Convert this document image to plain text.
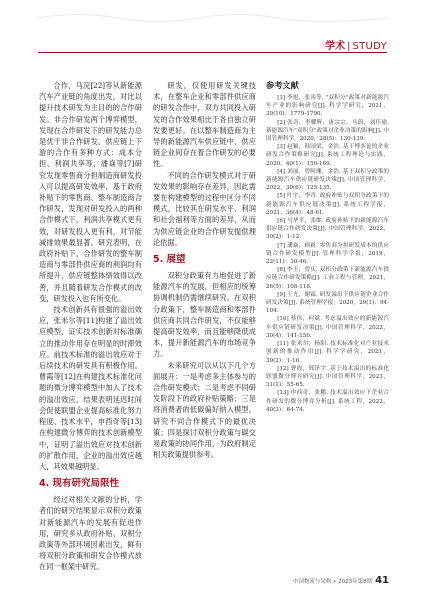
学术 | STUDY

合作，马浣[22]等从新能源汽车产业链的角度出发，对比以提升技术研发为主目的的合作研发。非合作研发两个博弈模型，发现在合作研发下的研发能力总是优于非合作研发，供应链上下游的合作有多种方式：成本分担、利润共享等，潘焱等[7]研究发现零售商分担制造商研发投入可以提高研发效率，基于政府补贴下的零售商、整车制造商合作研发，发现对研发投入的两种合作模式下，利润共享模式更有效，对研发投入更有利，对节能减排效果最显著。研究表明，在政府补贴下，合作研发的整车制造商与零部件供应商的利润均有所提升，供应链整体绩效得以改善，并且随着研发合作模式的改变，研发投入也有所变化。

技术创新具有很强的溢出效应，张米尔等[11]构建了溢出效应模型，证实技术创新对标准确立的推动作用存在明显的时滞效应。前技术标准的溢出效应对于后续技术的研发具有积极作用。曹霞等[12]在构建技术标准化问题的微分博弈模型中加入了技术的溢出效应，结果表明延迟时间会促使联盟企业提高标准化努力程度、技术水平，申西奇等[13]在构建微分博弈的技术创新模型中，证明了溢出效应对技术创新的扩散作用，企业的溢出效应越大，其效果越明显。

4. 现有研究局限性

经过对相关文献的分析，学者们的研究结果显示双积分政策对新能源汽车的发展有促进作用，研究多从政府补贴、双积分政策等外部环境因素出发，鲜有将双积分政策和研发合作模式放在同一框架中研究。

研发，仅使用研发关键技术，在整车企业和零部件供应商的研发合作中，双方共同投入研发的合作效果相比于各自独立研发要更好。在以整车制造商为主导的新能源汽车供应链中，供应链企业间存在着合作研发的必要性。

不同的合作研发模式对于研发效果的影响存在差异，因此需要在构建模型的过程中区分不同模式，比较其在研发水平、利润和社会福利等方面的差异，从而为供应链企业的合作研发提供理论依据。

5. 展望

双积分政策有力地促进了新能源汽车的发展，但相应的统筹协调机制仍需继续研究。在双积分政策下，整车制造商和零部件供应商共同合作研发，不仅能够提高研发效率，而且能够降低成本，提升新能源汽车的市场竞争力。

未来研究可以从以下几个方面展开：一是考虑多主体参与的合作研发模式；二是考虑不同研发阶段下的政府补贴策略；三是将消费者的低碳偏好纳入模型，研究不同合作模式下的最优决策；四是探讨双积分政策与碳交易政策的协同作用，为政府制定相关政策提供参考。

参考文献

[1] 李旭，张涛等. "双积分"政策对新能源汽车产业的影响研究[J]. 科学学研究，2021，39(10)：1779-1790.

[2] 张奇，李耀辉，唐宗宗，马蔚，刘佳瑜. 新能源汽车"双积分"政策对企业决策的影响[J]. 中国管理科学，2020，28(5)：130-139.

[3] 赵颖，韩国梁，金浩. 基于博弈论的企业研发合作策略研究[J]. 系统工程理论与实践，2020，40(1)：150-169.

[4] 刘丽，曾阿珊，金浩. 基于双积分政策的新能源汽车供应链研发决策[J]. 中国管理科学，2022，30(6)：125-135.

[5] 叶宇，李青. 政府补贴与双积分政策下的新能源汽车供应链决策[J]. 系统工程学报，2021，36(4)：48-61.

[6] 马华平，张维. 政府补贴下的新能源汽车供应链合作研发决策[J]. 中国管理科学，2022，30(2)：1-12.

[7] 潘焱，顾新. 零售商分担研发成本的供应链合作研发模型[J]. 管理科学学报，2019，22(11)：30-46.

[8] 李玉，曾庆. 双积分政策下新能源汽车供应链合作研发策略[J]. 工业工程与管理，2021，26(5)：108-118.

[9] 王光，谢霖. 研发溢出下供应链企业合作研发决策[J]. 系统管理学报，2020，29(1)：94-104.

[10] 蔡伟，何斌. 考虑溢出效应的新能源汽车供应链研发决策[J]. 中国管理科学，2022，30(4)：141-150.

[11] 张米尔，杨阳. 技术标准化对产业技术创新的推动作用[J]. 科学学研究，2021，39(2)：1-10.

[12] 曹霞，邢泽宇. 基于技术溢出的标准化联盟微分博弈研究[J]. 中国管理科学，2023，31(1)：55-65.

[13] 申西奇，张鹏. 技术溢出效应下企业合作研发的微分博弈分析[J]. 系统工程，2022，40(3)：64-74.

中国物流与采购 • 2023年第8期 41
